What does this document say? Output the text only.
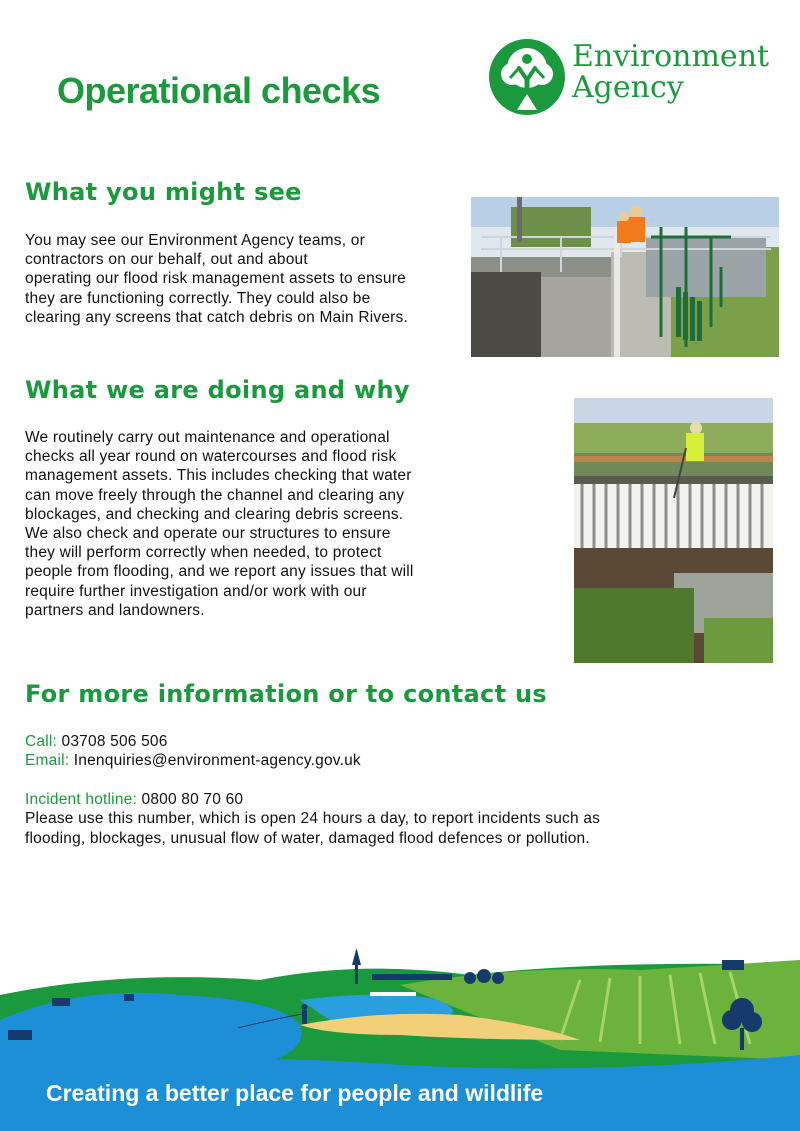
Operational checks
Environment
Agency
What you might see
You may see our Environment Agency teams, or
contractors on our behalf, out and about
operating our flood risk management assets to ensure
they are functioning correctly. They could also be
clearing any screens that catch debris on Main Rivers.
What we are doing and why
We routinely carry out maintenance and operational
checks all year round on watercourses and flood risk
management assets. This includes checking that water
can move freely through the channel and clearing any
blockages, and checking and clearing debris screens.
We also check and operate our structures to ensure
they will perform correctly when needed, to protect
people from flooding, and we report any issues that will
require further investigation and/or work with our
partners and landowners.
For more information or to contact us
Call: 03708 506 506
Email: Inenquiries@environment-agency.gov.uk
Incident hotline: 0800 80 70 60
Please use this number, which is open 24 hours a day, to report incidents such as
flooding, blockages, unusual flow of water, damaged flood defences or pollution.
Creating a better place for people and wildlife
